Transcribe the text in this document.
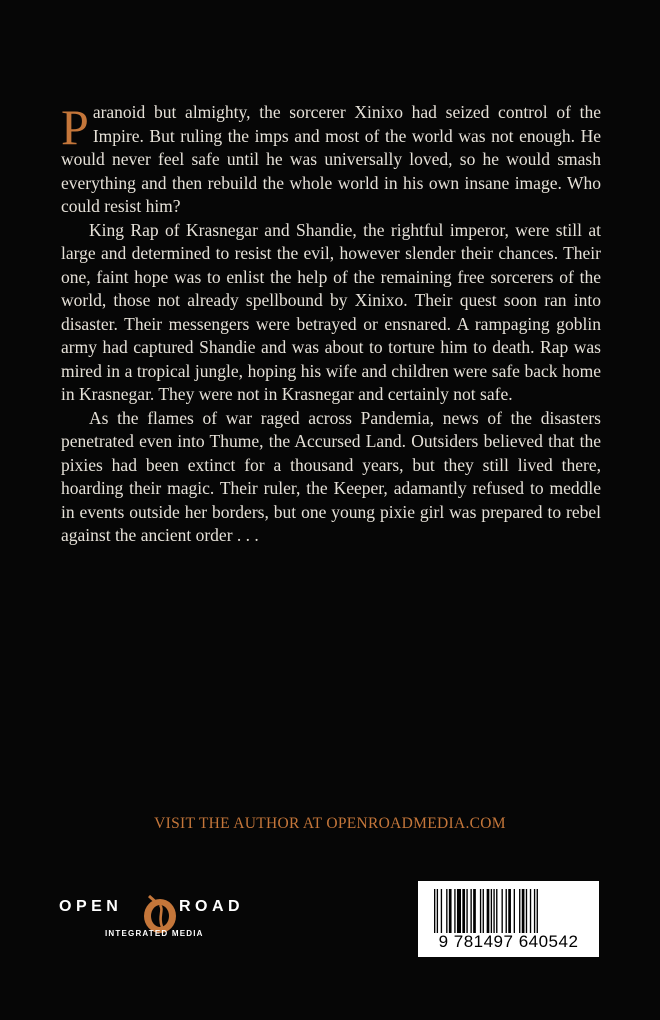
Paranoid but almighty, the sorcerer Xinixo had seized control of the Impire. But ruling the imps and most of the world was not enough. He would never feel safe until he was universally loved, so he would smash everything and then rebuild the whole world in his own insane image. Who could resist him?

King Rap of Krasnegar and Shandie, the rightful imperor, were still at large and determined to resist the evil, however slender their chances. Their one, faint hope was to enlist the help of the remaining free sorcerers of the world, those not already spellbound by Xinixo. Their quest soon ran into disaster. Their messengers were betrayed or ensnared. A rampaging goblin army had captured Shandie and was about to torture him to death. Rap was mired in a tropical jungle, hoping his wife and children were safe back home in Krasnegar. They were not in Krasnegar and certainly not safe.

As the flames of war raged across Pandemia, news of the disasters penetrated even into Thume, the Accursed Land. Outsiders believed that the pixies had been extinct for a thousand years, but they still lived there, hoarding their magic. Their ruler, the Keeper, adamantly refused to meddle in events outside her borders, but one young pixie girl was prepared to rebel against the ancient order . . .

VISIT THE AUTHOR AT OPENROADMEDIA.COM
OPEN	ROAD
INTEGRATED MEDIA	9 781497 640542
